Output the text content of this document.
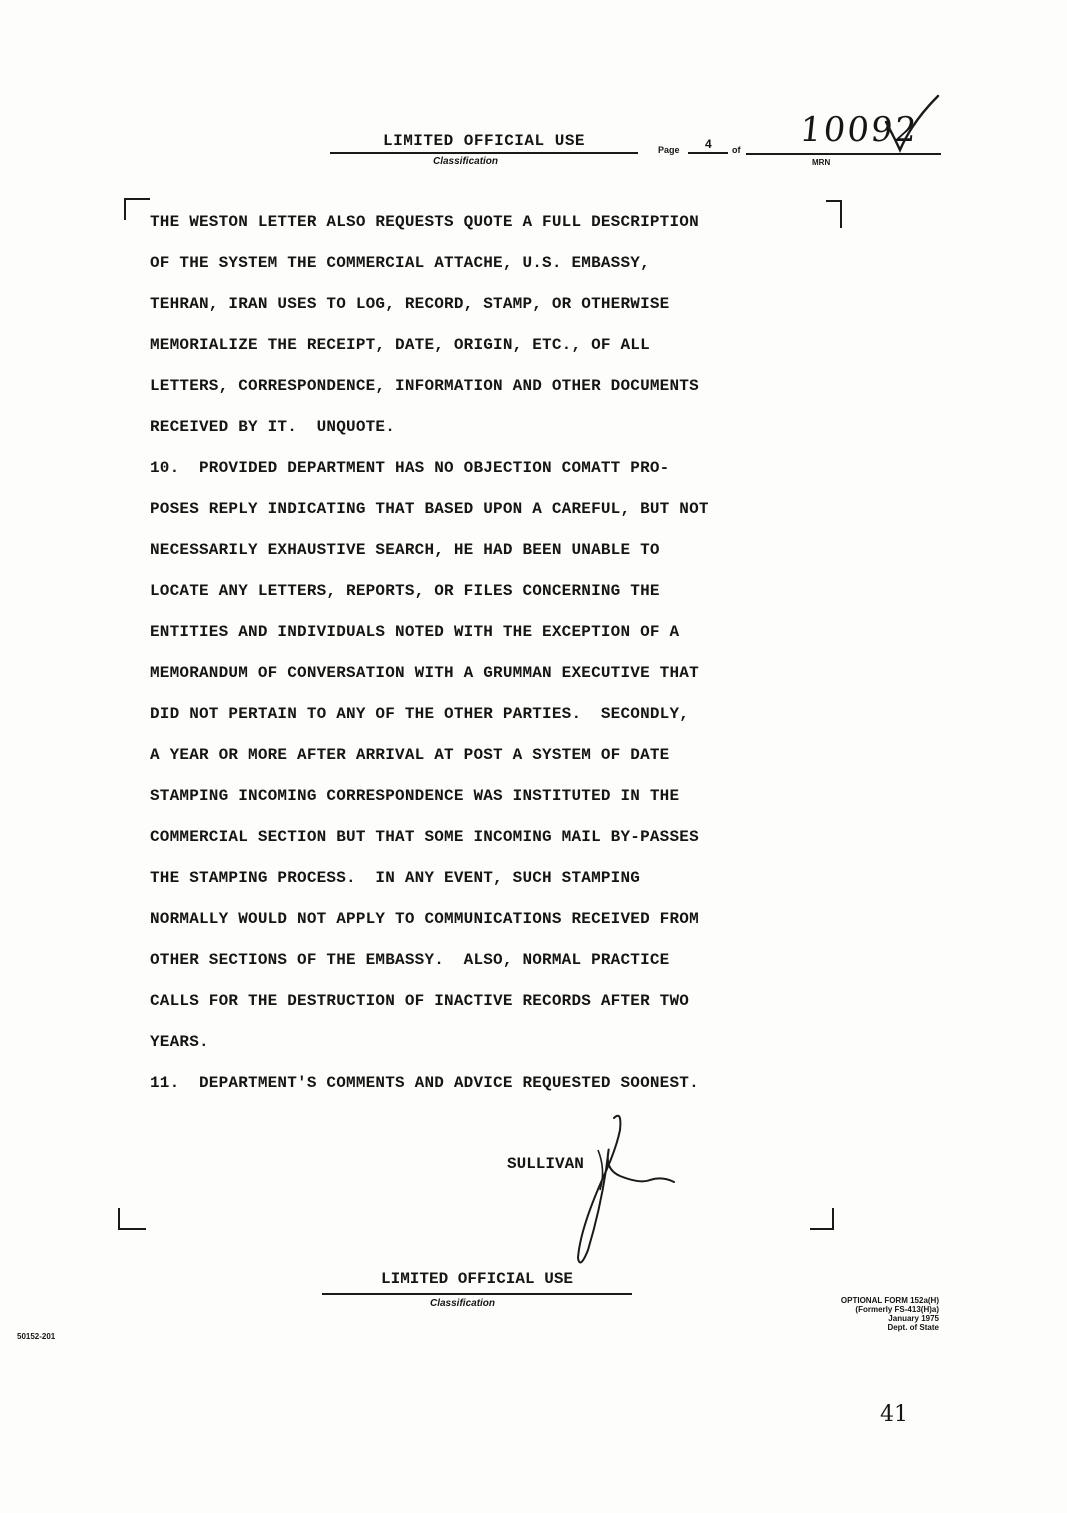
LIMITED OFFICIAL USE
Classification
Page 4 of 10092
MRN
THE WESTON LETTER ALSO REQUESTS QUOTE A FULL DESCRIPTION
OF THE SYSTEM THE COMMERCIAL ATTACHE, U.S. EMBASSY,
TEHRAN, IRAN USES TO LOG, RECORD, STAMP, OR OTHERWISE
MEMORIALIZE THE RECEIPT, DATE, ORIGIN, ETC., OF ALL
LETTERS, CORRESPONDENCE, INFORMATION AND OTHER DOCUMENTS
RECEIVED BY IT.  UNQUOTE.
10.  PROVIDED DEPARTMENT HAS NO OBJECTION COMATT PRO-
POSES REPLY INDICATING THAT BASED UPON A CAREFUL, BUT NOT
NECESSARILY EXHAUSTIVE SEARCH, HE HAD BEEN UNABLE TO
LOCATE ANY LETTERS, REPORTS, OR FILES CONCERNING THE
ENTITIES AND INDIVIDUALS NOTED WITH THE EXCEPTION OF A
MEMORANDUM OF CONVERSATION WITH A GRUMMAN EXECUTIVE THAT
DID NOT PERTAIN TO ANY OF THE OTHER PARTIES.  SECONDLY,
A YEAR OR MORE AFTER ARRIVAL AT POST A SYSTEM OF DATE
STAMPING INCOMING CORRESPONDENCE WAS INSTITUTED IN THE
COMMERCIAL SECTION BUT THAT SOME INCOMING MAIL BY-PASSES
THE STAMPING PROCESS.  IN ANY EVENT, SUCH STAMPING
NORMALLY WOULD NOT APPLY TO COMMUNICATIONS RECEIVED FROM
OTHER SECTIONS OF THE EMBASSY.  ALSO, NORMAL PRACTICE
CALLS FOR THE DESTRUCTION OF INACTIVE RECORDS AFTER TWO
YEARS.
11.  DEPARTMENT'S COMMENTS AND ADVICE REQUESTED SOONEST.
SULLIVAN
LIMITED OFFICIAL USE
Classification	OPTIONAL FORM 152a(H)
(Formerly FS-413(H)a)
January 1975
Dept. of State
50152-201
41
